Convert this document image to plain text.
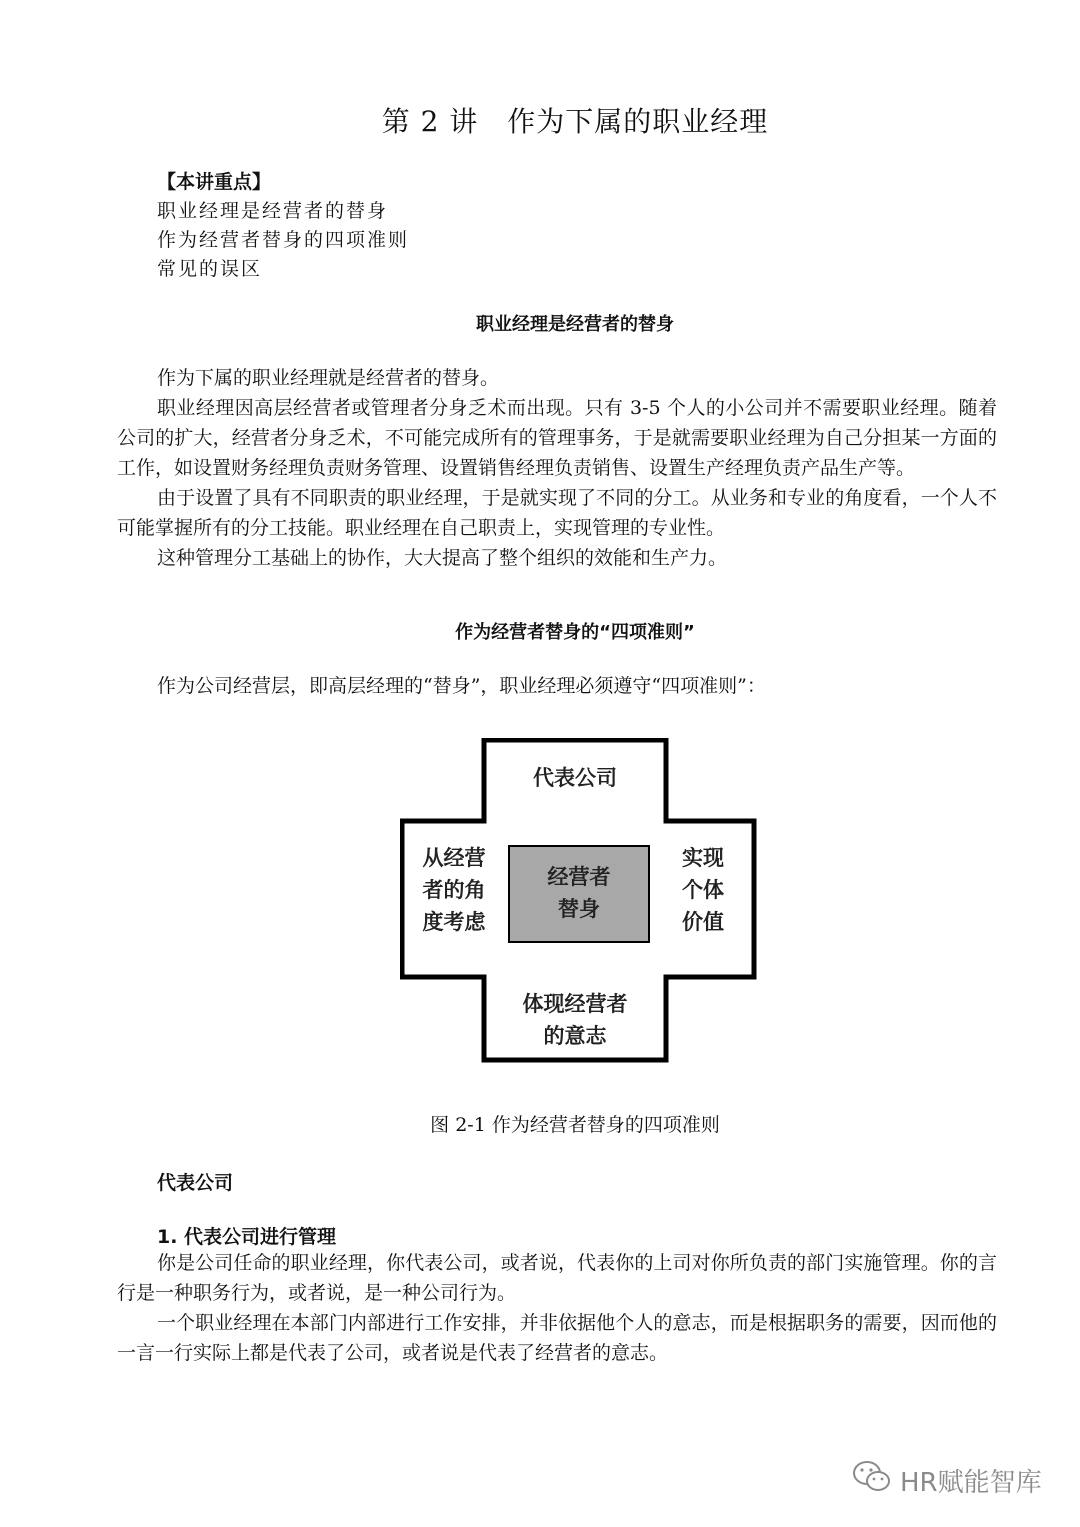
第 2 讲　作为下属的职业经理
【本讲重点】
职业经理是经营者的替身
作为经营者替身的四项准则
常见的误区
职业经理是经营者的替身

作为下属的职业经理就是经营者的替身。

职业经理因高层经营者或管理者分身乏术而出现。只有 3-5 个人的小公司并不需要职业经理。随着公司的扩大，经营者分身乏术，不可能完成所有的管理事务，于是就需要职业经理为自己分担某一方面的工作，如设置财务经理负责财务管理、设置销售经理负责销售、设置生产经理负责产品生产等。

由于设置了具有不同职责的职业经理，于是就实现了不同的分工。从业务和专业的角度看，一个人不可能掌握所有的分工技能。职业经理在自己职责上，实现管理的专业性。

这种管理分工基础上的协作，大大提高了整个组织的效能和生产力。

作为经营者替身的“四项准则”

作为公司经营层，即高层经理的“替身”，职业经理必须遵守“四项准则”：

代表公司
从经营
者的角
度考虑
实现
个体
价值
经营者
替身
体现经营者
的意志
图 2-1 作为经营者替身的四项准则
代表公司
1. 代表公司进行管理

你是公司任命的职业经理，你代表公司，或者说，代表你的上司对你所负责的部门实施管理。你的言行是一种职务行为，或者说，是一种公司行为。

一个职业经理在本部门内部进行工作安排，并非依据他个人的意志，而是根据职务的需要，因而他的一言一行实际上都是代表了公司，或者说是代表了经营者的意志。

HR赋能智库
